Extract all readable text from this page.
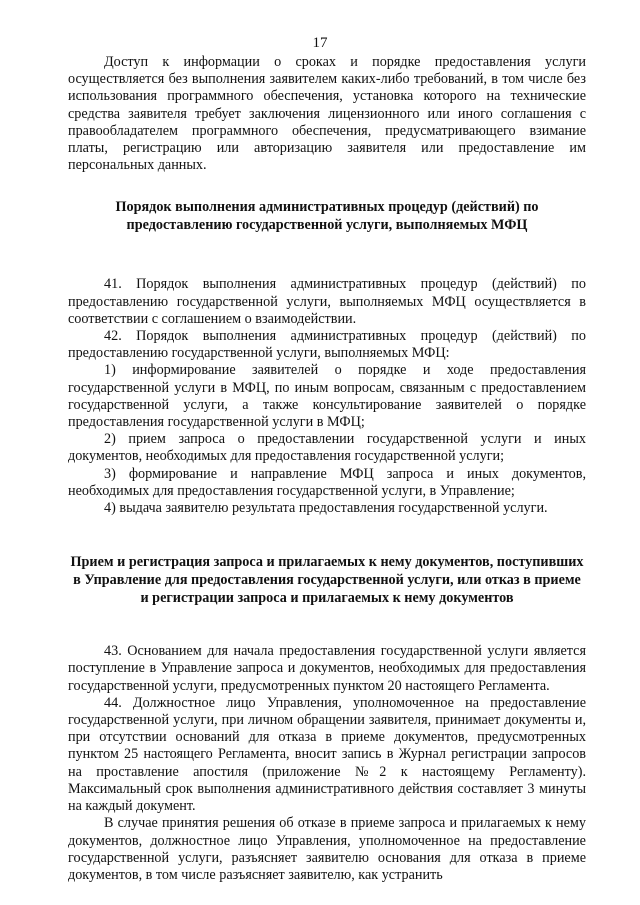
17

Доступ к информации о сроках и порядке предоставления услуги осуществляется без выполнения заявителем каких-либо требований, в том числе без использования программного обеспечения, установка которого на технические средства заявителя требует заключения лицензионного или иного соглашения с правообладателем программного обеспечения, предусматривающего взимание платы, регистрацию или авторизацию заявителя или предоставление им персональных данных.

Порядок выполнения административных процедур (действий) по предоставлению государственной услуги, выполняемых МФЦ

41. Порядок выполнения административных процедур (действий) по предоставлению государственной услуги, выполняемых МФЦ осуществляется в соответствии с соглашением о взаимодействии.

42. Порядок выполнения административных процедур (действий) по предоставлению государственной услуги, выполняемых МФЦ:

1) информирование заявителей о порядке и ходе предоставления государственной услуги в МФЦ, по иным вопросам, связанным с предоставлением государственной услуги, а также консультирование заявителей о порядке предоставления государственной услуги в МФЦ;

2) прием запроса о предоставлении государственной услуги и иных документов, необходимых для предоставления государственной услуги;

3) формирование и направление МФЦ запроса и иных документов, необходимых для предоставления государственной услуги, в Управление;

4) выдача заявителю результата предоставления государственной услуги.

Прием и регистрация запроса и прилагаемых к нему документов, поступивших в Управление для предоставления государственной услуги, или отказ в приеме и регистрации запроса и прилагаемых к нему документов

43. Основанием для начала предоставления государственной услуги является поступление в Управление запроса и документов, необходимых для предоставления государственной услуги, предусмотренных пунктом 20 настоящего Регламента.

44. Должностное лицо Управления, уполномоченное на предоставление государственной услуги, при личном обращении заявителя, принимает документы и, при отсутствии оснований для отказа в приеме документов, предусмотренных пунктом 25 настоящего Регламента, вносит запись в Журнал регистрации запросов на проставление апостиля (приложение №2 к настоящему Регламенту). Максимальный срок выполнения административного действия составляет 3 минуты на каждый документ.

В случае принятия решения об отказе в приеме запроса и прилагаемых к нему документов, должностное лицо Управления, уполномоченное на предоставление государственной услуги, разъясняет заявителю основания для отказа в приеме документов, в том числе разъясняет заявителю, как устранить
